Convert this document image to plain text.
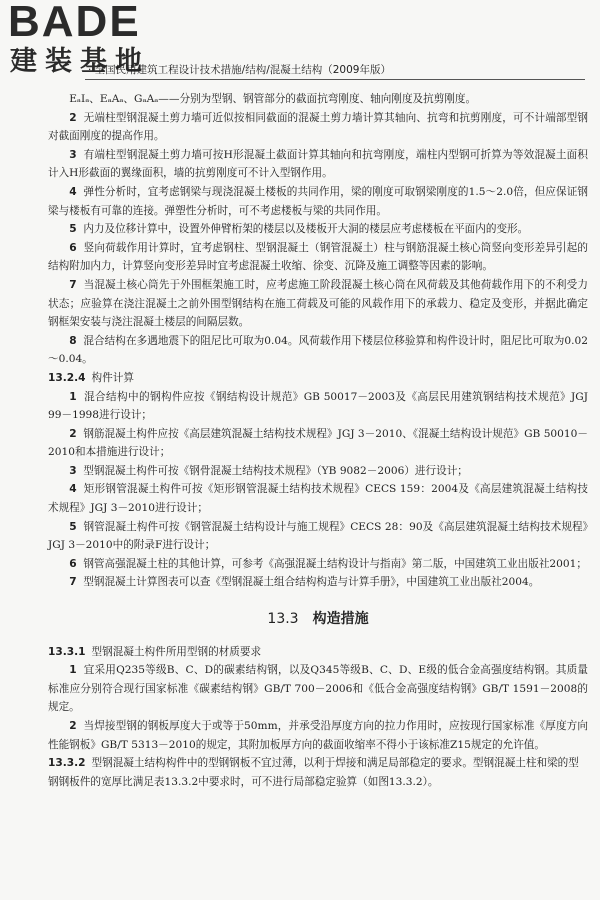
BADE
建装基地
· 全国民用建筑工程设计技术措施/结构/混凝土结构（2009年版）

EₐIₐ、EₐAₐ、GₐAₐ——分别为型钢、钢管部分的截面抗弯刚度、轴向刚度及抗剪刚度。

2 无端柱型钢混凝土剪力墙可近似按相同截面的混凝土剪力墙计算其轴向、抗弯和抗剪刚度，可不计端部型钢对截面刚度的提高作用。

3 有端柱型钢混凝土剪力墙可按H形混凝土截面计算其轴向和抗弯刚度，端柱内型钢可折算为等效混凝土面积计入H形截面的翼缘面积，墙的抗剪刚度可不计入型钢作用。

4 弹性分析时，宜考虑钢梁与现浇混凝土楼板的共同作用，梁的刚度可取钢梁刚度的1.5～2.0倍，但应保证钢梁与楼板有可靠的连接。弹塑性分析时，可不考虑楼板与梁的共同作用。

5 内力及位移计算中，设置外伸臂桁架的楼层以及楼板开大洞的楼层应考虑楼板在平面内的变形。

6 竖向荷载作用计算时，宜考虑钢柱、型钢混凝土（钢管混凝土）柱与钢筋混凝土核心筒竖向变形差异引起的结构附加内力，计算竖向变形差异时宜考虑混凝土收缩、徐变、沉降及施工调整等因素的影响。

7 当混凝土核心筒先于外围框架施工时，应考虑施工阶段混凝土核心筒在风荷载及其他荷载作用下的不利受力状态；应验算在浇注混凝土之前外围型钢结构在施工荷载及可能的风载作用下的承载力、稳定及变形，并据此确定钢框架安装与浇注混凝土楼层的间隔层数。

8 混合结构在多遇地震下的阻尼比可取为0.04。风荷载作用下楼层位移验算和构件设计时，阻尼比可取为0.02～0.04。

13.2.4 构件计算

1 混合结构中的钢构件应按《钢结构设计规范》GB 50017－2003及《高层民用建筑钢结构技术规范》JGJ 99－1998进行设计；

2 钢筋混凝土构件应按《高层建筑混凝土结构技术规程》JGJ 3－2010、《混凝土结构设计规范》GB 50010－2010和本措施进行设计；

3 型钢混凝土构件可按《钢骨混凝土结构技术规程》（YB 9082－2006）进行设计；

4 矩形钢管混凝土构件可按《矩形钢管混凝土结构技术规程》CECS 159：2004及《高层建筑混凝土结构技术规程》JGJ 3－2010进行设计；

5 钢管混凝土构件可按《钢管混凝土结构设计与施工规程》CECS 28：90及《高层建筑混凝土结构技术规程》JGJ 3－2010中的附录F进行设计；

6 钢管高强混凝土柱的其他计算，可参考《高强混凝土结构设计与指南》第二版，中国建筑工业出版社2001；

7 型钢混凝土计算图表可以查《型钢混凝土组合结构构造与计算手册》，中国建筑工业出版社2004。

13.3 构造措施

13.3.1 型钢混凝土构件所用型钢的材质要求

1 宜采用Q235等级B、C、D的碳素结构钢，以及Q345等级B、C、D、E级的低合金高强度结构钢。其质量标准应分别符合现行国家标准《碳素结构钢》GB/T 700－2006和《低合金高强度结构钢》GB/T 1591－2008的规定。

2 当焊接型钢的钢板厚度大于或等于50mm，并承受沿厚度方向的拉力作用时，应按现行国家标准《厚度方向性能钢板》GB/T 5313－2010的规定，其附加板厚方向的截面收缩率不得小于该标准Z15规定的允许值。

13.3.2 型钢混凝土结构构件中的型钢钢板不宜过薄，以利于焊接和满足局部稳定的要求。型钢混凝土柱和梁的型钢钢板件的宽厚比满足表13.3.2中要求时，可不进行局部稳定验算（如图13.3.2）。
